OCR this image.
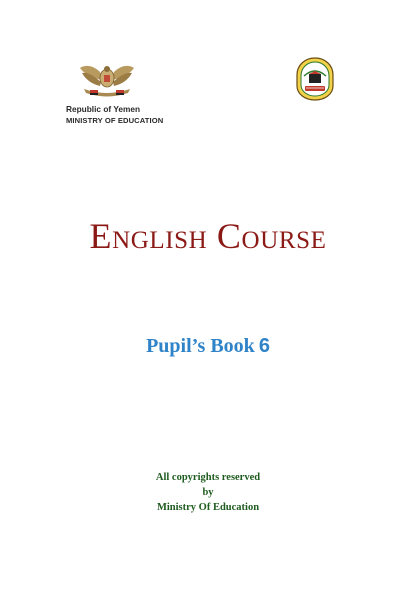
Republic of Yemen
MINISTRY OF EDUCATION
English Course
Pupil’s Book 6
All copyrights reserved
by
Ministry Of Education
